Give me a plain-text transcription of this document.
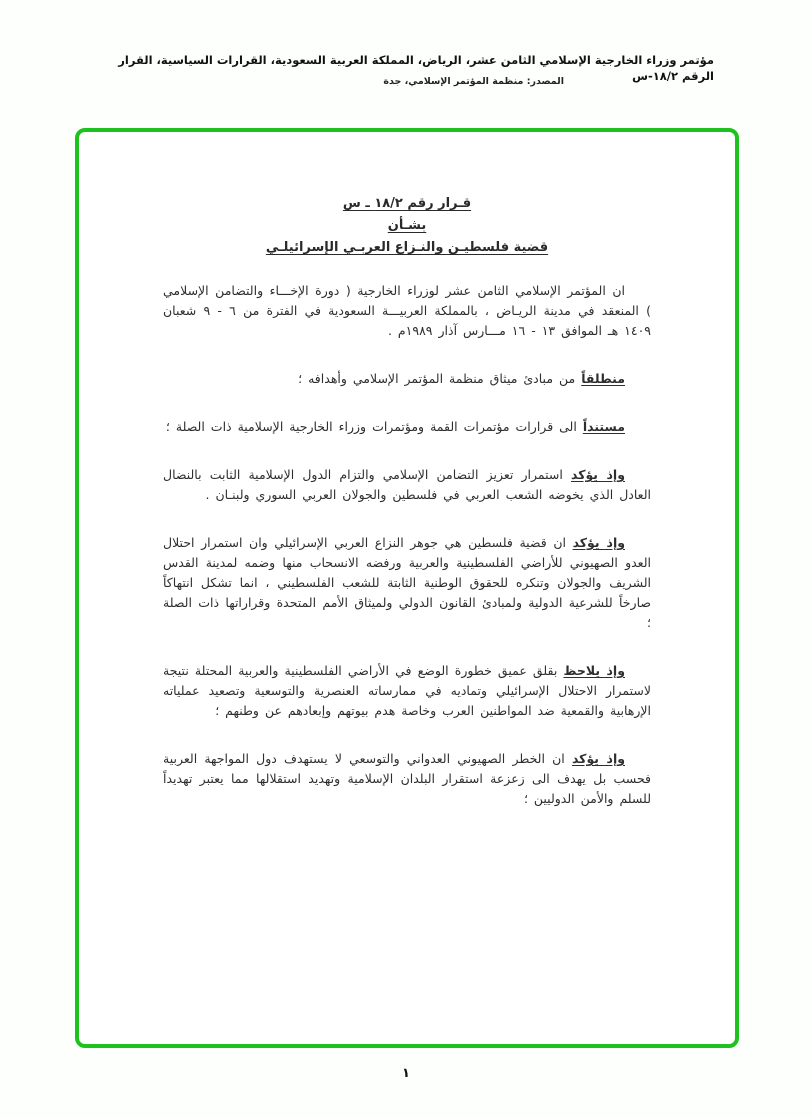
مؤتمر وزراء الخارجية الإسلامي الثامن عشر، الرياض، المملكة العربية السعودية، القرارات السياسية، القرار الرقم ١٨/٢-س
المصدر: منظمة المؤتمر الإسلامي، جدة
قـرار رقم ١٨/٢ ـ س
بشـأن
قضية فلسطيـن والنـزاع العربـي الإسرائيلـي

ان المؤتمر الإسلامي الثامن عشر لوزراء الخارجية ( دورة الإخـــاء والتضامن الإسلامي ) المنعقد في مدينة الريـاض ، بالمملكة العربيـــة السعودية في الفترة من ٦ - ٩ شعبان ١٤٠٩ هـ الموافق ١٣ - ١٦ مـــارس آذار ١٩٨٩م .

منطلقاً من مبادئ ميثاق منظمة المؤتمر الإسلامي وأهدافه ؛

مستنداً الى قرارات مؤتمرات القمة ومؤتمرات وزراء الخارجية الإسلامية ذات الصلة ؛

وإذ يؤكد استمرار تعزيز التضامن الإسلامي والتزام الدول الإسلامية الثابت بالنضال العادل الذي يخوضه الشعب العربي في فلسطين والجولان العربي السوري ولبنـان .

وإذ يؤكد ان قضية فلسطين هي جوهر النزاع العربي الإسرائيلي وان استمرار احتلال العدو الصهيوني للأراضي الفلسطينية والعربية ورفضه الانسحاب منها وضمه لمدينة القدس الشريف والجولان وتنكره للحقوق الوطنية الثابتة للشعب الفلسطيني ، انما تشكل انتهاكاً صارخاً للشرعية الدولية ولمبادئ القانون الدولي ولميثاق الأمم المتحدة وقراراتها ذات الصلة ؛

وإذ يلاحظ بقلق عميق خطورة الوضع في الأراضي الفلسطينية والعربية المحتلة نتيجة لاستمرار الاحتلال الإسرائيلي وتماديه في ممارساته العنصرية والتوسعية وتصعيد عملياته الإرهابية والقمعية ضد المواطنين العرب وخاصة هدم بيوتهم وإبعادهم عن وطنهم ؛

وإذ يؤكد ان الخطر الصهيوني العدواني والتوسعي لا يستهدف دول المواجهة العربية فحسب بل يهدف الى زعزعة استقرار البلدان الإسلامية وتهديد استقلالها مما يعتبر تهديداً للسلم والأمن الدوليين ؛

١
